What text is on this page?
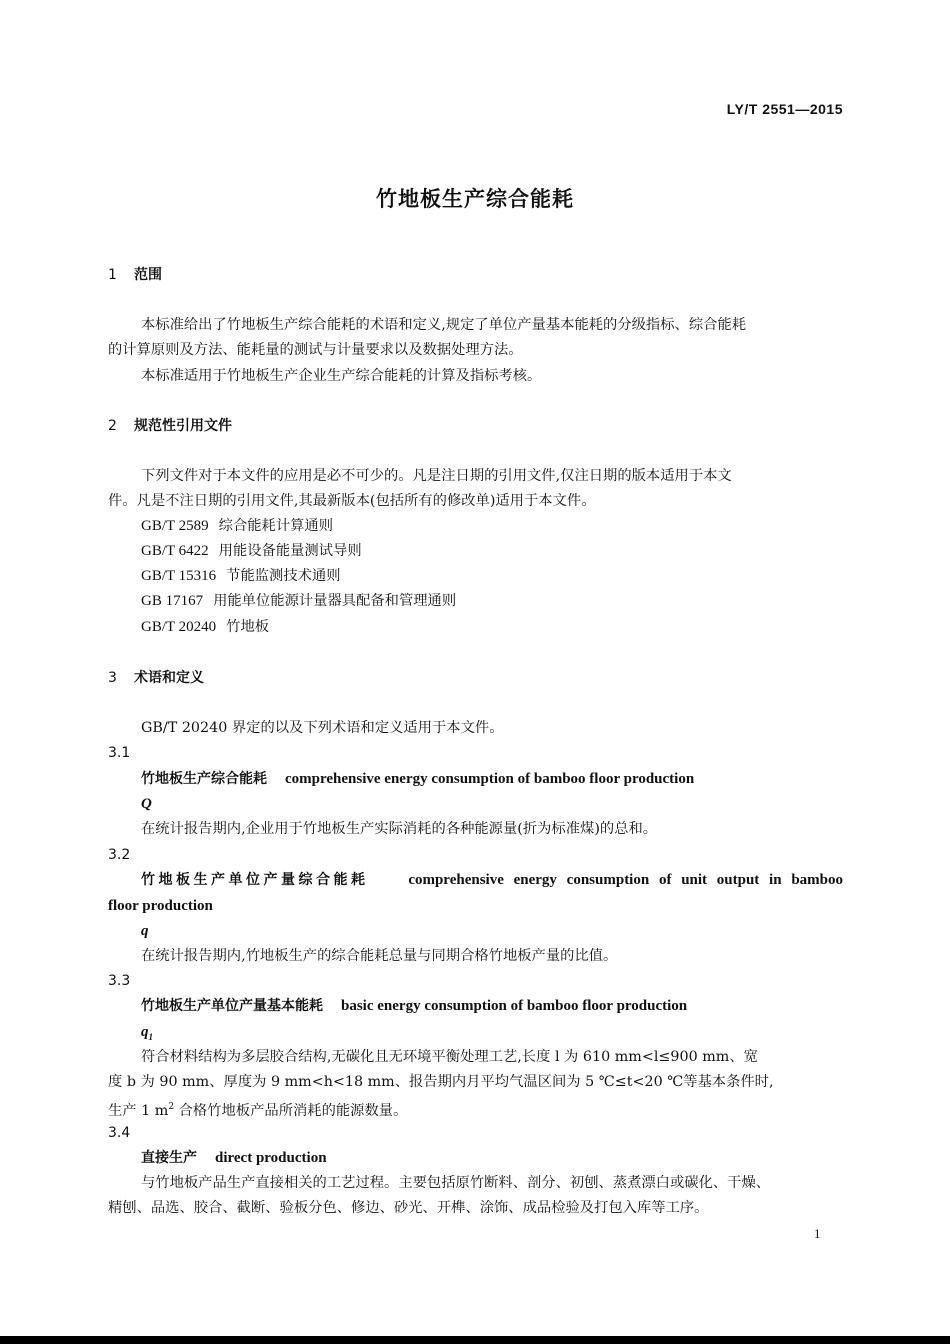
LY/T 2551—2015
竹地板生产综合能耗
1 范围
本标准给出了竹地板生产综合能耗的术语和定义,规定了单位产量基本能耗的分级指标、综合能耗
的计算原则及方法、能耗量的测试与计量要求以及数据处理方法。
本标准适用于竹地板生产企业生产综合能耗的计算及指标考核。
2 规范性引用文件
下列文件对于本文件的应用是必不可少的。凡是注日期的引用文件,仅注日期的版本适用于本文
件。凡是不注日期的引用文件,其最新版本(包括所有的修改单)适用于本文件。
GB/T 2589 综合能耗计算通则
GB/T 6422 用能设备能量测试导则
GB/T 15316 节能监测技术通则
GB 17167 用能单位能源计量器具配备和管理通则
GB/T 20240 竹地板
3 术语和定义
GB/T 20240 界定的以及下列术语和定义适用于本文件。
3.1
竹地板生产综合能耗 comprehensive energy consumption of bamboo floor production
Q
在统计报告期内,企业用于竹地板生产实际消耗的各种能源量(折为标准煤)的总和。
3.2
竹地板生产单位产量综合能耗	comprehensive energy consumption of unit output in bamboo
floor production
q
在统计报告期内,竹地板生产的综合能耗总量与同期合格竹地板产量的比值。
3.3
竹地板生产单位产量基本能耗 basic energy consumption of bamboo floor production
$q_1$
符合材料结构为多层胶合结构,无碳化且无环境平衡处理工艺,长度 l 为 610 mm<l≤900 mm、宽
度 b 为 90 mm、厚度为 9 mm<h<18 mm、报告期内月平均气温区间为 5 ℃≤t<20 ℃等基本条件时,
生产 1 $m^2$ 合格竹地板产品所消耗的能源数量。
3.4
直接生产 direct production
与竹地板产品生产直接相关的工艺过程。主要包括原竹断料、剖分、初刨、蒸煮漂白或碳化、干燥、
精刨、品选、胶合、截断、验板分色、修边、砂光、开榫、涂饰、成品检验及打包入库等工序。
1
